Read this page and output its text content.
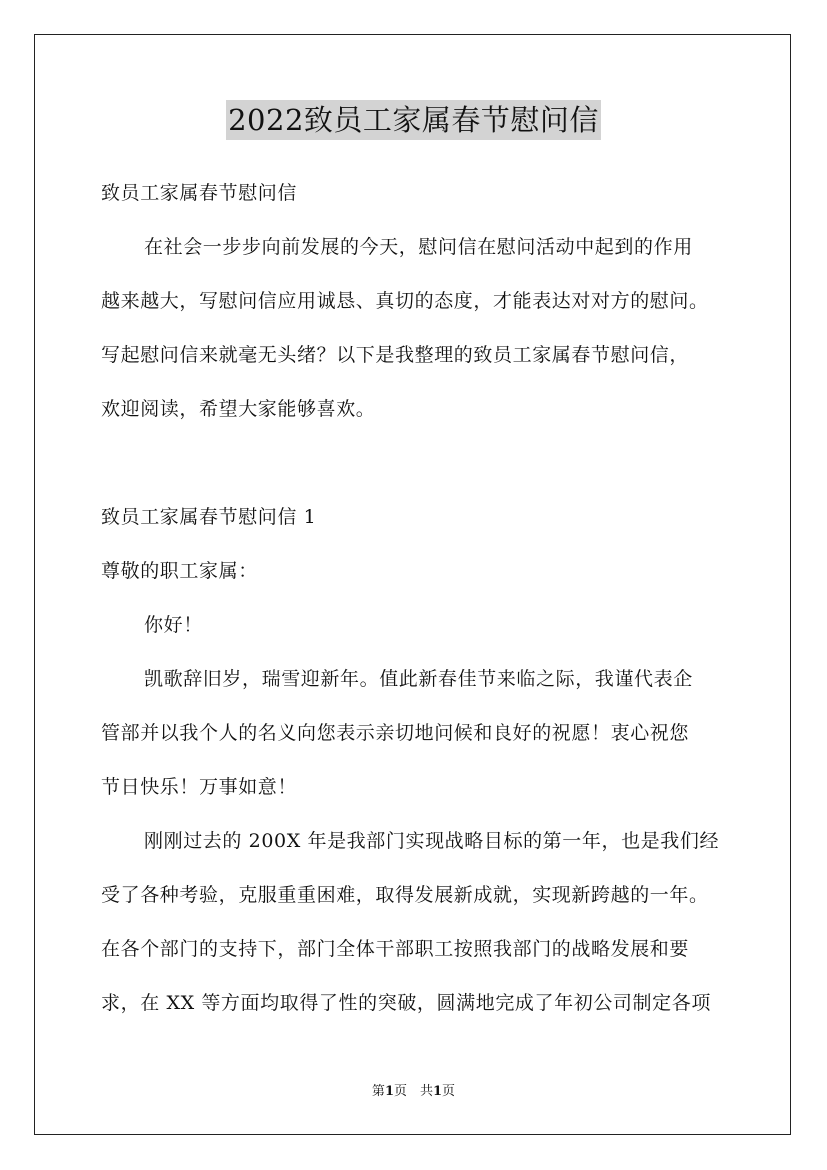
2022致员工家属春节慰问信
致员工家属春节慰问信
在社会一步步向前发展的今天，慰问信在慰问活动中起到的作用
越来越大，写慰问信应用诚恳、真切的态度，才能表达对对方的慰问。
写起慰问信来就毫无头绪？以下是我整理的致员工家属春节慰问信，
欢迎阅读，希望大家能够喜欢。
致员工家属春节慰问信 1
尊敬的职工家属：
你好！
凯歌辞旧岁，瑞雪迎新年。值此新春佳节来临之际，我谨代表企
管部并以我个人的名义向您表示亲切地问候和良好的祝愿！衷心祝您
节日快乐！万事如意！
刚刚过去的 200X 年是我部门实现战略目标的第一年，也是我们经
受了各种考验，克服重重困难，取得发展新成就，实现新跨越的一年。
在各个部门的支持下，部门全体干部职工按照我部门的战略发展和要
求，在 XX 等方面均取得了性的突破，圆满地完成了年初公司制定各项
第1页　共1页
